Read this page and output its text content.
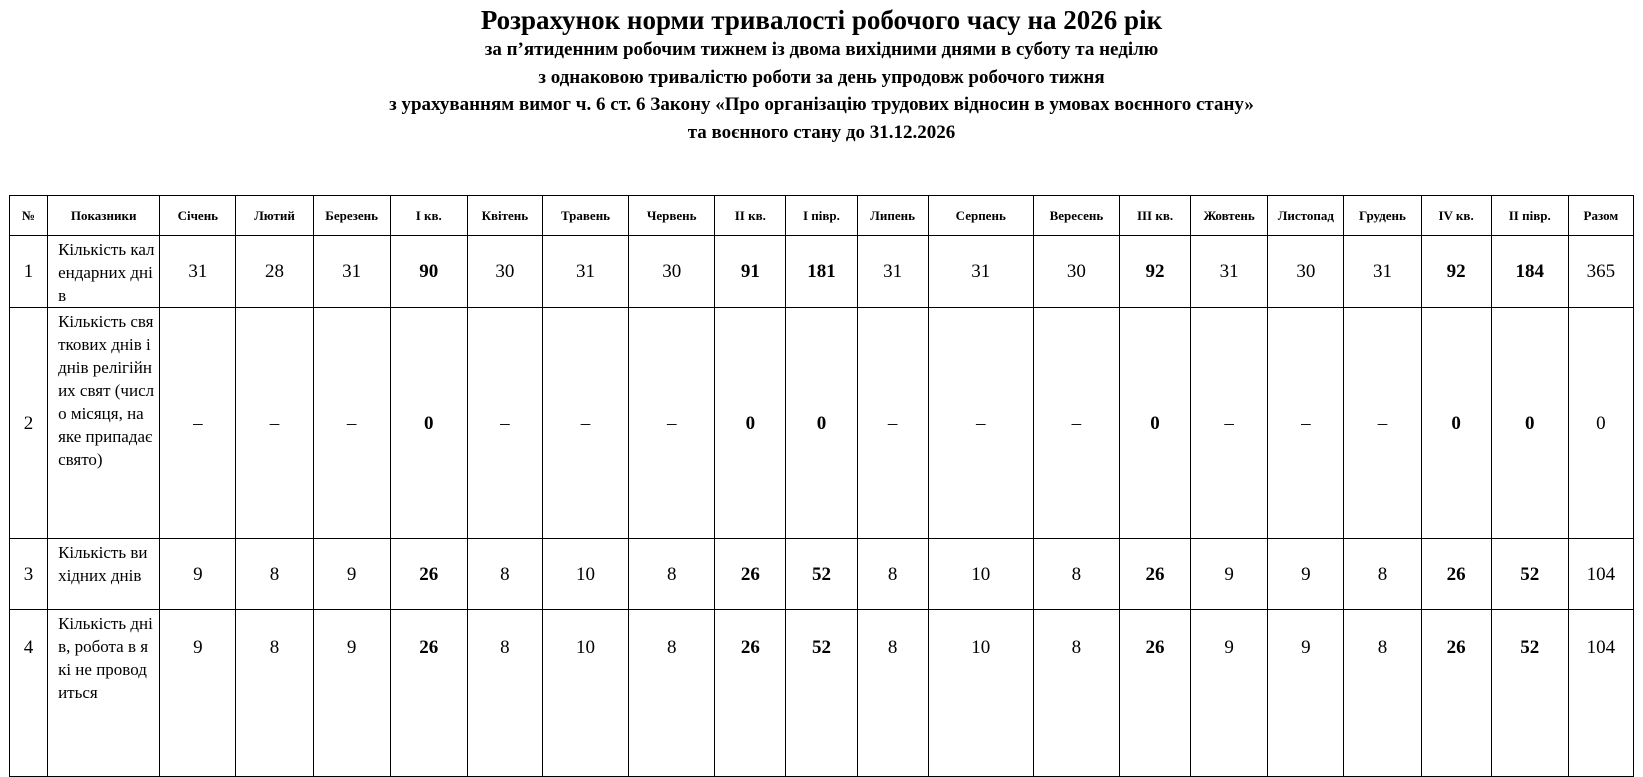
Розрахунок норми тривалості робочого часу на 2026 рік
за п’ятиденним робочим тижнем із двома вихідними днями в суботу та неділю
з однаковою тривалістю роботи за день упродовж робочого тижня
з урахуванням вимог ч. 6 ст. 6 Закону «Про організацію трудових відносин в умовах воєнного стану»
та воєнного стану до 31.12.2026
№	Показники	Січень	Лютий	Березень	I кв.	Квітень	Травень	Червень	II кв.	I півр.	Липень	Серпень	Вересень	III кв.	Жовтень	Листопад	Грудень	IV кв.	II півр.	Разом
1	Кількість календарних днів	31	28	31	90	30	31	30	91	181	31	31	30	92	31	30	31	92	184	365
2	Кількість святкових днів і днів релігійних свят (число місяця, на яке припадає свято)	–	–	–	0	–	–	–	0	0	–	–	–	0	–	–	–	0	0	0
3	Кількість вихідних днів	9	8	9	26	8	10	8	26	52	8	10	8	26	9	9	8	26	52	104
4	Кількість днів, робота в які не проводиться	9	8	9	26	8	10	8	26	52	8	10	8	26	9	9	8	26	52	104
